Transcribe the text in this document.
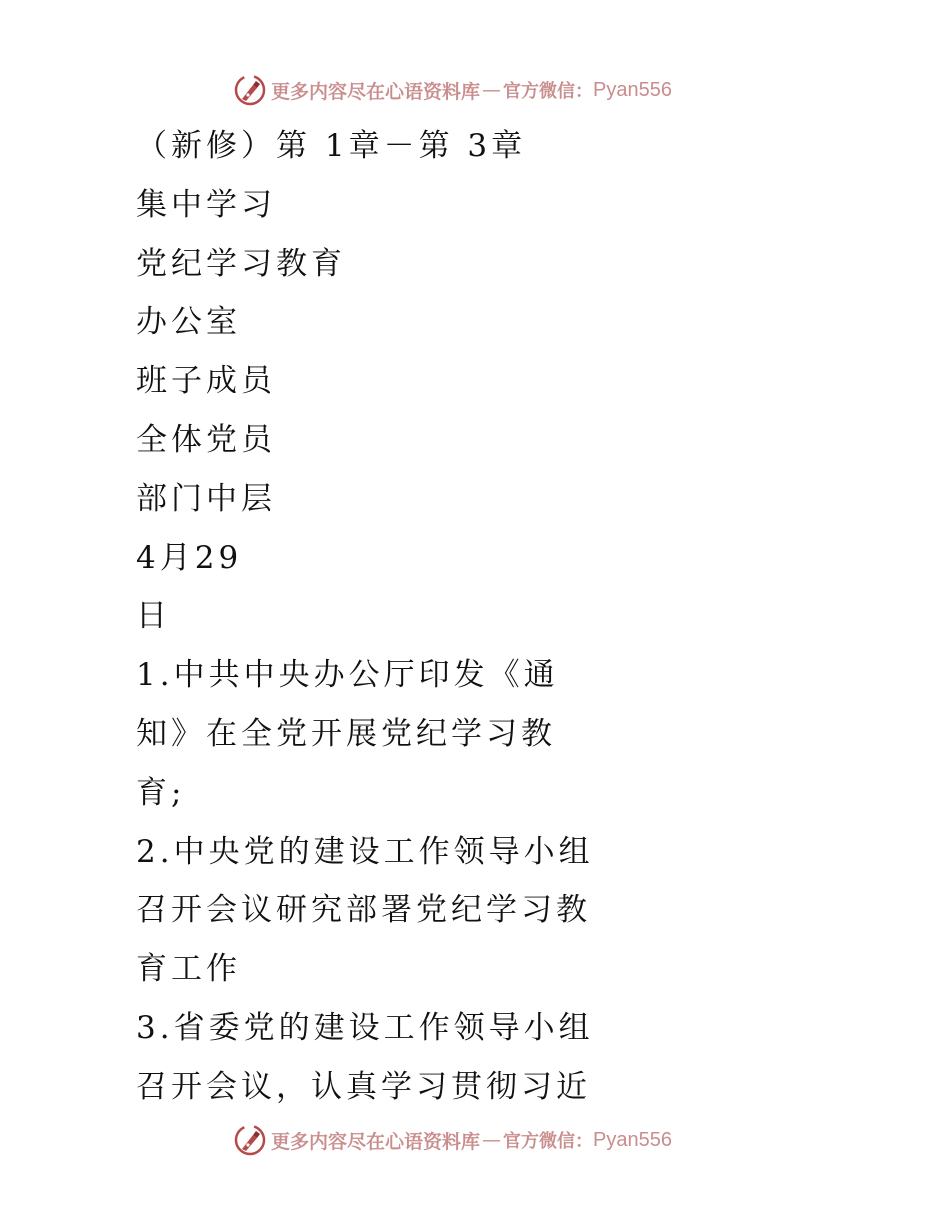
更多内容尽在心语资料库 — 官方微信： Pyan556
（新修）第 1章－第 3章
集中学习
党纪学习教育
办公室
班子成员
全体党员
部门中层
4月29
日
1.中共中央办公厅印发《通
知》在全党开展党纪学习教
育;
2.中央党的建设工作领导小组
召开会议研究部署党纪学习教
育工作
3.省委党的建设工作领导小组
召开会议，认真学习贯彻习近
更多内容尽在心语资料库 — 官方微信： Pyan556
